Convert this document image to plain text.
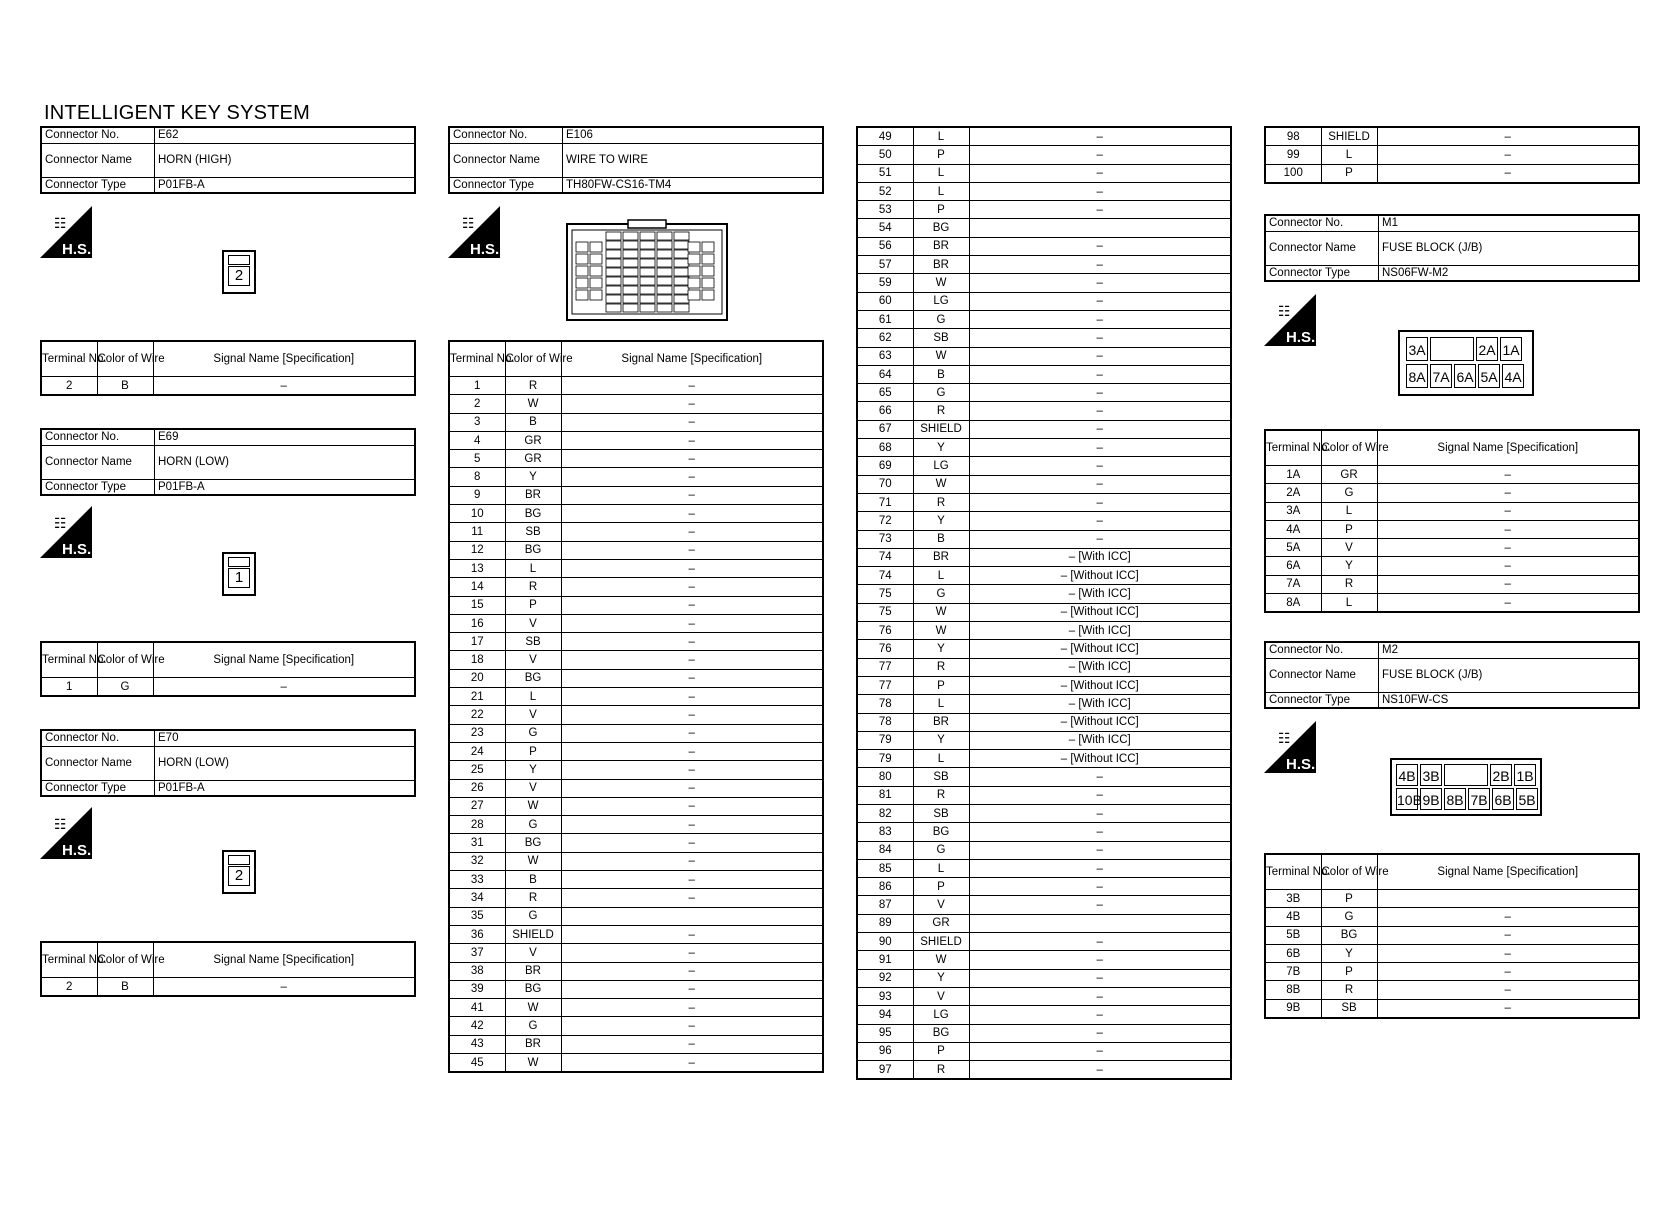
INTELLIGENT KEY SYSTEM
Connector No.	E62
Connector Name	HORN (HIGH)
Connector Type	P01FB-A
☷
H.S.
2
Terminal No.	Color of Wire	Signal Name [Specification]
2	B	–
Connector No.	E69
Connector Name	HORN (LOW)
Connector Type	P01FB-A
☷
H.S.
1
Terminal No.	Color of Wire	Signal Name [Specification]
1	G	–
Connector No.	E70
Connector Name	HORN (LOW)
Connector Type	P01FB-A
☷
H.S.
2
Terminal No.	Color of Wire	Signal Name [Specification]
2	B	–
Connector No.	E106
Connector Name	WIRE TO WIRE
Connector Type	TH80FW-CS16-TM4
☷
H.S.
Terminal No.	Color of Wire	Signal Name [Specification]
1	R	–
2	W	–
3	B	–
4	GR	–
5	GR	–
8	Y	–
9	BR	–
10	BG	–
11	SB	–
12	BG	–
13	L	–
14	R	–
15	P	–
16	V	–
17	SB	–
18	V	–
20	BG	–
21	L	–
22	V	–
23	G	–
24	P	–
25	Y	–
26	V	–
27	W	–
28	G	–
31	BG	–
32	W	–
33	B	–
34	R	–
35	G	
36	SHIELD	–
37	V	–
38	BR	–
39	BG	–
41	W	–
42	G	–
43	BR	–
45	W	–
49	L	–
50	P	–
51	L	–
52	L	–
53	P	–
54	BG	
56	BR	–
57	BR	–
59	W	–
60	LG	–
61	G	–
62	SB	–
63	W	–
64	B	–
65	G	–
66	R	–
67	SHIELD	–
68	Y	–
69	LG	–
70	W	–
71	R	–
72	Y	–
73	B	–
74	BR	– [With ICC]
74	L	– [Without ICC]
75	G	– [With ICC]
75	W	– [Without ICC]
76	W	– [With ICC]
76	Y	– [Without ICC]
77	R	– [With ICC]
77	P	– [Without ICC]
78	L	– [With ICC]
78	BR	– [Without ICC]
79	Y	– [With ICC]
79	L	– [Without ICC]
80	SB	–
81	R	–
82	SB	–
83	BG	–
84	G	–
85	L	–
86	P	–
87	V	–
89	GR	
90	SHIELD	–
91	W	–
92	Y	–
93	V	–
94	LG	–
95	BG	–
96	P	–
97	R	–
98	SHIELD	–
99	L	–
100	P	–
Connector No.	M1
Connector Name	FUSE BLOCK (J/B)
Connector Type	NS06FW-M2
☷
H.S.
3A	2A 1A
8A 7A 6A 5A 4A
Terminal No.	Color of Wire	Signal Name [Specification]
1A	GR	–
2A	G	–
3A	L	–
4A	P	–
5A	V	–
6A	Y	–
7A	R	–
8A	L	–
Connector No.	M2
Connector Name	FUSE BLOCK (J/B)
Connector Type	NS10FW-CS
☷
H.S.
4B 3B	2B 1B
10B 9B 8B 7B 6B 5B
Terminal No.	Color of Wire	Signal Name [Specification]
3B	P	
4B	G	–
5B	BG	–
6B	Y	–
7B	P	–
8B	R	–
9B	SB	–
